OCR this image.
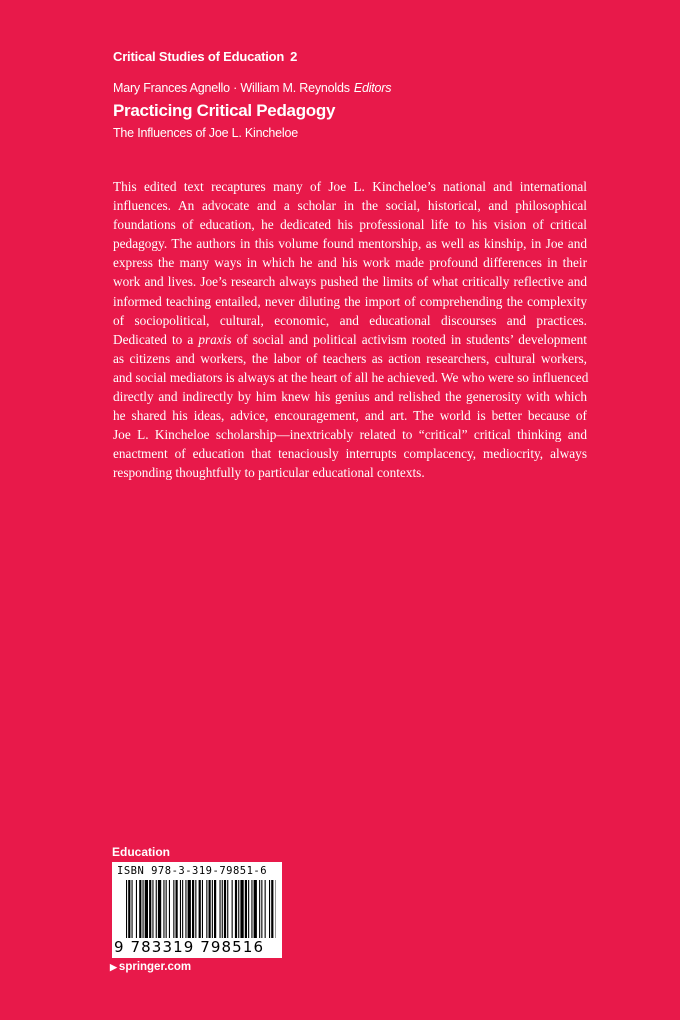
Critical Studies of Education 2
Mary Frances Agnello · William M. Reynolds Editors
Practicing Critical Pedagogy
The Influences of Joe L. Kincheloe
This edited text recaptures many of Joe L. Kincheloe’s national and international
influences. An advocate and a scholar in the social, historical, and philosophical
foundations of education, he dedicated his professional life to his vision of critical
pedagogy. The authors in this volume found mentorship, as well as kinship, in Joe and
express the many ways in which he and his work made profound differences in their
work and lives. Joe’s research always pushed the limits of what critically reflective and
informed teaching entailed, never diluting the import of comprehending the complexity
of sociopolitical, cultural, economic, and educational discourses and practices.
Dedicated to a praxis of social and political activism rooted in students’ development
as citizens and workers, the labor of teachers as action researchers, cultural workers,
and social mediators is always at the heart of all he achieved. We who were so influenced
directly and indirectly by him knew his genius and relished the generosity with which
he shared his ideas, advice, encouragement, and art. The world is better because of
Joe L. Kincheloe scholarship—inextricably related to “critical” critical thinking and
enactment of education that tenaciously interrupts complacency, mediocrity, always
responding thoughtfully to particular educational contexts.
Education
ISBN 978-3-319-79851-6
9 783319 798516
▶ springer.com
